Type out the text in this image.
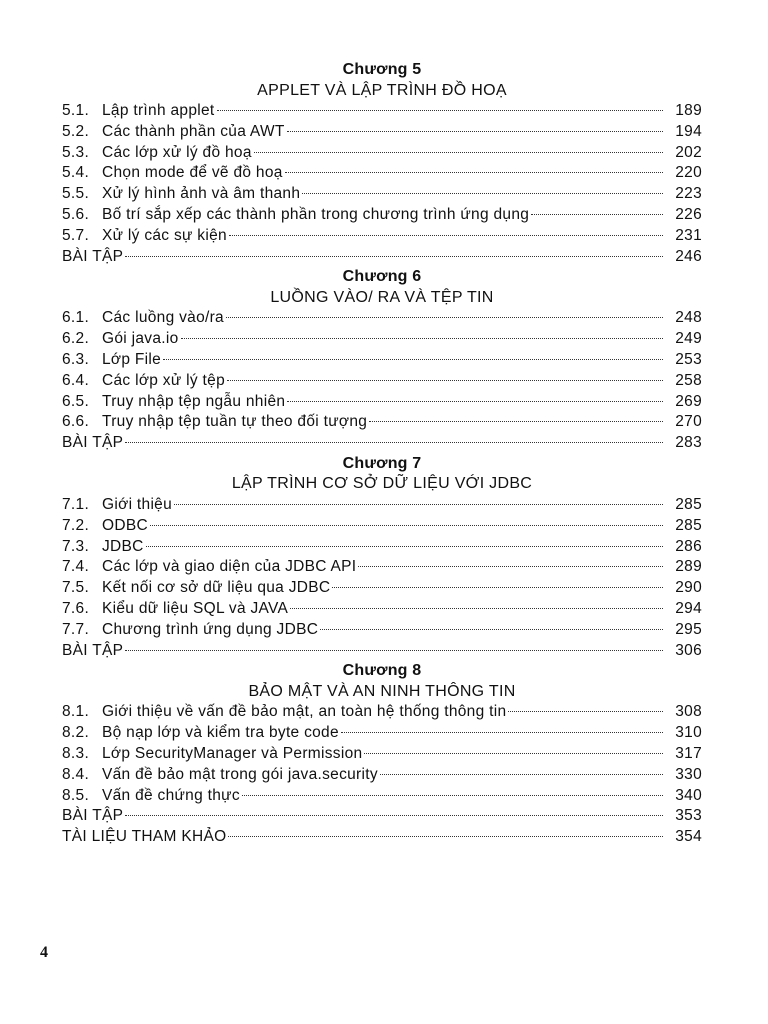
Chương 5
APPLET VÀ LẬP TRÌNH ĐỒ HOẠ
5.1. Lập trình applet	189
5.2. Các thành phần của AWT	194
5.3. Các lớp xử lý đồ hoạ	202
5.4. Chọn mode để vẽ đồ hoạ	220
5.5. Xử lý hình ảnh và âm thanh	223
5.6. Bố trí sắp xếp các thành phần trong chương trình ứng dụng	226
5.7. Xử lý các sự kiện	231
BÀI TẬP	246
Chương 6
LUỒNG VÀO/ RA VÀ TỆP TIN
6.1. Các luồng vào/ra	248
6.2. Gói java.io	249
6.3. Lớp File	253
6.4. Các lớp xử lý tệp	258
6.5. Truy nhập tệp ngẫu nhiên	269
6.6. Truy nhập tệp tuần tự theo đối tượng	270
BÀI TẬP	283
Chương 7
LẬP TRÌNH CƠ SỞ DỮ LIỆU VỚI JDBC
7.1. Giới thiệu	285
7.2. ODBC	285
7.3. JDBC	286
7.4. Các lớp và giao diện của JDBC API	289
7.5. Kết nối cơ sở dữ liệu qua JDBC	290
7.6. Kiểu dữ liệu SQL và JAVA	294
7.7. Chương trình ứng dụng JDBC	295
BÀI TẬP	306
Chương 8
BẢO MẬT VÀ AN NINH THÔNG TIN
8.1. Giới thiệu về vấn đề bảo mật, an toàn hệ thống thông tin	308
8.2. Bộ nạp lớp và kiểm tra byte code	310
8.3. Lớp SecurityManager và Permission	317
8.4. Vấn đề bảo mật trong gói java.security	330
8.5. Vấn đề chứng thực	340
BÀI TẬP	353
TÀI LIỆU THAM KHẢO	354
4
